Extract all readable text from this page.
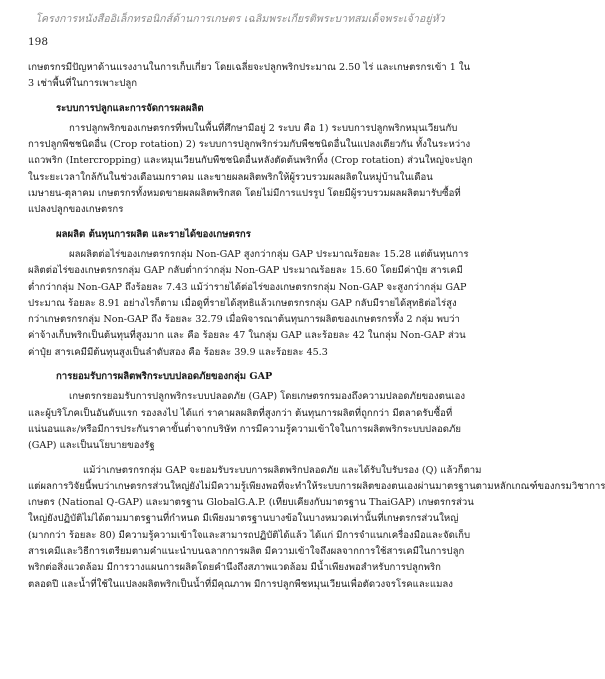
โครงการหนังสืออิเล็กทรอนิกส์ด้านการเกษตร เฉลิมพระเกียรติพระบาทสมเด็จพระเจ้าอยู่หัว
198
เกษตรกรมีปัญหาด้านแรงงานในการเก็บเกี่ยว โดยเฉลี่ยจะปลูกพริกประมาณ 2.50 ไร่ และเกษตรกรเข้า 1 ใน
3 เช่าพื้นที่ในการเพาะปลูก
ระบบการปลูกและการจัดการผลผลิต
การปลูกพริกของเกษตรกรที่พบในพื้นที่ศึกษามีอยู่ 2 ระบบ คือ 1) ระบบการปลูกพริกหมุนเวียนกับ
การปลูกพืชชนิดอื่น (Crop rotation) 2) ระบบการปลูกพริกร่วมกับพืชชนิดอื่นในแปลงเดียวกัน ทั้งในระหว่าง
แถวพริก (Intercropping) และหมุนเวียนกับพืชชนิดอื่นหลังตัดต้นพริกทิ้ง (Crop rotation) ส่วนใหญ่จะปลูก
ในระยะเวลาใกล้กันในช่วงเดือนมกราคม และขายผลผลิตพริกให้ผู้รวบรวมผลผลิตในหมู่บ้านในเดือน
เมษายน-ตุลาคม เกษตรกรทั้งหมดขายผลผลิตพริกสด โดยไม่มีการแปรรูป โดยมีผู้รวบรวมผลผลิตมารับซื้อที่
แปลงปลูกของเกษตรกร
ผลผลิต ต้นทุนการผลิต และรายได้ของเกษตรกร
ผลผลิตต่อไร่ของเกษตรกรกลุ่ม Non-GAP สูงกว่ากลุ่ม GAP ประมาณร้อยละ 15.28 แต่ต้นทุนการ
ผลิตต่อไร่ของเกษตรกรกลุ่ม GAP กลับต่ำกว่ากลุ่ม Non-GAP ประมาณร้อยละ 15.60 โดยมีค่าปุ๋ย สารเคมี
ต่ำกว่ากลุ่ม Non-GAP ถึงร้อยละ 7.43 แม้ว่ารายได้ต่อไร่ของเกษตรกรกลุ่ม Non-GAP จะสูงกว่ากลุ่ม GAP
ประมาณ ร้อยละ 8.91 อย่างไรก็ตาม เมื่อดูที่รายได้สุทธิแล้วเกษตรกรกลุ่ม GAP กลับมีรายได้สุทธิต่อไร่สูง
กว่าเกษตรกรกลุ่ม Non-GAP ถึง ร้อยละ 32.79 เมื่อพิจารณาต้นทุนการผลิตของเกษตรกรทั้ง 2 กลุ่ม พบว่า
ค่าจ้างเก็บพริกเป็นต้นทุนที่สูงมาก และ คือ ร้อยละ 47 ในกลุ่ม GAP และร้อยละ 42 ในกลุ่ม Non-GAP ส่วน
ค่าปุ๋ย สารเคมีมีต้นทุนสูงเป็นลำดับสอง คือ ร้อยละ 39.9 และร้อยละ 45.3
การยอมรับการผลิตพริกระบบปลอดภัยของกลุ่ม GAP
เกษตรกรยอมรับการปลูกพริกระบบปลอดภัย (GAP) โดยเกษตรกรมองถึงความปลอดภัยของตนเอง
และผู้บริโภคเป็นอันดับแรก รองลงไป ได้แก่ ราคาผลผลิตที่สูงกว่า ต้นทุนการผลิตที่ถูกกว่า มีตลาดรับซื้อที่
แน่นอนและ/หรือมีการประกันราคาขั้นต่ำจากบริษัท การมีความรู้ความเข้าใจในการผลิตพริกระบบปลอดภัย
(GAP) และเป็นนโยบายของรัฐ
แม้ว่าเกษตรกรกลุ่ม GAP จะยอมรับระบบการผลิตพริกปลอดภัย และได้รับใบรับรอง (Q) แล้วก็ตาม
แต่ผลการวิจัยนี้พบว่าเกษตรกรส่วนใหญ่ยังไม่มีความรู้เพียงพอที่จะทำให้ระบบการผลิตของตนเองผ่านมาตรฐานตามหลักเกณฑ์ของกรมวิชาการ
เกษตร (National Q-GAP) และมาตรฐาน GlobalG.A.P. (เทียบเคียงกับมาตรฐาน ThaiGAP) เกษตรกรส่วน
ใหญ่ยังปฏิบัติไม่ได้ตามมาตรฐานที่กำหนด มีเพียงมาตรฐานบางข้อในบางหมวดเท่านั้นที่เกษตรกรส่วนใหญ่
(มากกว่า ร้อยละ 80) มีความรู้ความเข้าใจและสามารถปฏิบัติได้แล้ว ได้แก่ มีการจำแนกเครื่องมือและจัดเก็บ
สารเคมีและวิธีการเตรียมตามคำแนะนำบนฉลากการผลิต มีความเข้าใจถึงผลจากการใช้สารเคมีในการปลูก
พริกต่อสิ่งแวดล้อม มีการวางแผนการผลิตโดยคำนึงถึงสภาพแวดล้อม มีน้ำเพียงพอสำหรับการปลูกพริก
ตลอดปี และน้ำที่ใช้ในแปลงผลิตพริกเป็นน้ำที่มีคุณภาพ มีการปลูกพืชหมุนเวียนเพื่อตัดวงจรโรคและแมลง
